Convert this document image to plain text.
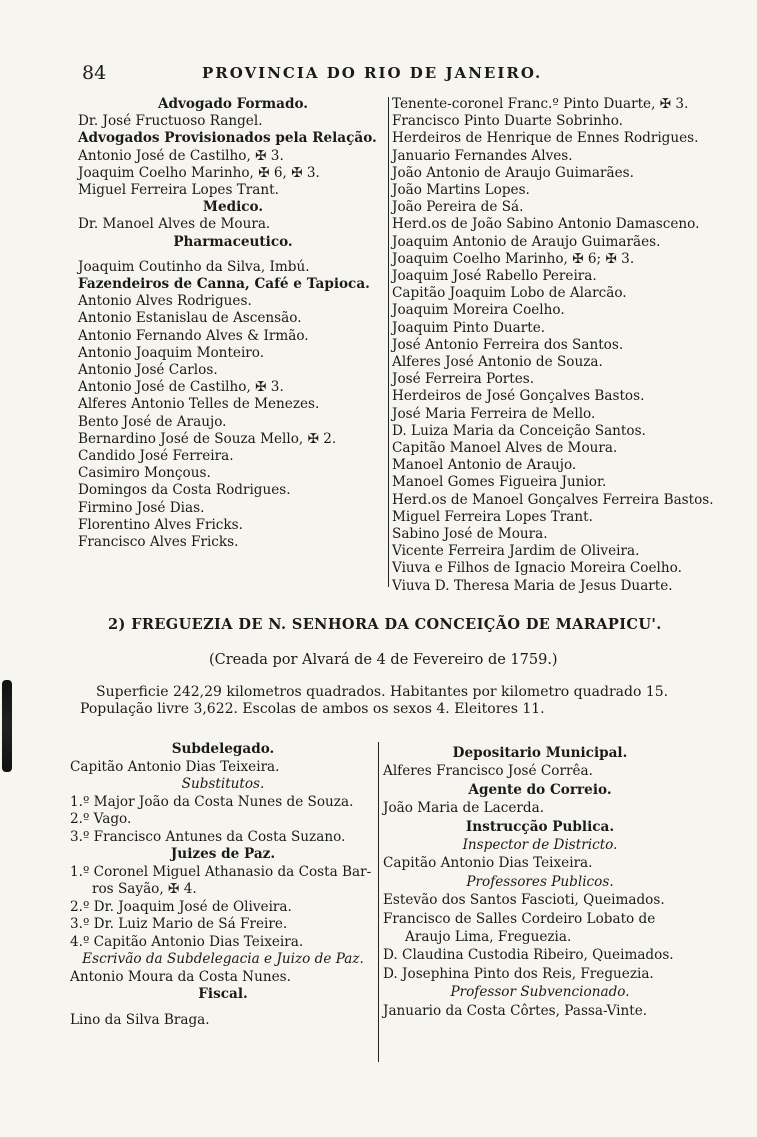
84	PROVINCIA DO RIO DE JANEIRO.
Advogado Formado.
Dr. José Fructuoso Rangel.
Advogados Provisionados pela Relação.
Antonio José de Castilho, ✠ 3.
Joaquim Coelho Marinho, ✠ 6, ✠ 3.
Miguel Ferreira Lopes Trant.
Medico.
Dr. Manoel Alves de Moura.
Pharmaceutico.
Joaquim Coutinho da Silva, Imbú.
Fazendeiros de Canna, Café e Tapioca.
Antonio Alves Rodrigues.
Antonio Estanislau de Ascensão.
Antonio Fernando Alves & Irmão.
Antonio Joaquim Monteiro.
Antonio José Carlos.
Antonio José de Castilho, ✠ 3.
Alferes Antonio Telles de Menezes.
Bento José de Araujo.
Bernardino José de Souza Mello, ✠ 2.
Candido José Ferreira.
Casimiro Monçous.
Domingos da Costa Rodrigues.
Firmino José Dias.
Florentino Alves Fricks.
Francisco Alves Fricks.
Tenente-coronel Franc.º Pinto Duarte, ✠ 3.
Francisco Pinto Duarte Sobrinho.
Herdeiros de Henrique de Ennes Rodrigues.
Januario Fernandes Alves.
João Antonio de Araujo Guimarães.
João Martins Lopes.
João Pereira de Sá.
Herd.os de João Sabino Antonio Damasceno.
Joaquim Antonio de Araujo Guimarães.
Joaquim Coelho Marinho, ✠ 6; ✠ 3.
Joaquim José Rabello Pereira.
Capitão Joaquim Lobo de Alarcão.
Joaquim Moreira Coelho.
Joaquim Pinto Duarte.
José Antonio Ferreira dos Santos.
Alferes José Antonio de Souza.
José Ferreira Portes.
Herdeiros de José Gonçalves Bastos.
José Maria Ferreira de Mello.
D. Luiza Maria da Conceição Santos.
Capitão Manoel Alves de Moura.
Manoel Antonio de Araujo.
Manoel Gomes Figueira Junior.
Herd.os de Manoel Gonçalves Ferreira Bastos.
Miguel Ferreira Lopes Trant.
Sabino José de Moura.
Vicente Ferreira Jardim de Oliveira.
Viuva e Filhos de Ignacio Moreira Coelho.
Viuva D. Theresa Maria de Jesus Duarte.
2) FREGUEZIA DE N. SENHORA DA CONCEIÇÃO DE MARAPICU'.
(Creada por Alvará de 4 de Fevereiro de 1759.)
Superficie 242,29 kilometros quadrados. Habitantes por kilometro quadrado 15.
População livre 3,622. Escolas de ambos os sexos 4. Eleitores 11.
Subdelegado.
Capitão Antonio Dias Teixeira.
Substitutos.
1.º Major João da Costa Nunes de Souza.
2.º Vago.
3.º Francisco Antunes da Costa Suzano.
Juizes de Paz.
1.º Coronel Miguel Athanasio da Costa Bar-
ros Sayão, ✠ 4.
2.º Dr. Joaquim José de Oliveira.
3.º Dr. Luiz Mario de Sá Freire.
4.º Capitão Antonio Dias Teixeira.
Escrivão da Subdelegacia e Juizo de Paz.
Antonio Moura da Costa Nunes.
Fiscal.
Lino da Silva Braga.
Depositario Municipal.
Alferes Francisco José Corrêa.
Agente do Correio.
João Maria de Lacerda.
Instrucção Publica.
Inspector de Districto.
Capitão Antonio Dias Teixeira.
Professores Publicos.
Estevão dos Santos Fascioti, Queimados.
Francisco de Salles Cordeiro Lobato de
Araujo Lima, Freguezia.
D. Claudina Custodia Ribeiro, Queimados.
D. Josephina Pinto dos Reis, Freguezia.
Professor Subvencionado.
Januario da Costa Côrtes, Passa-Vinte.
